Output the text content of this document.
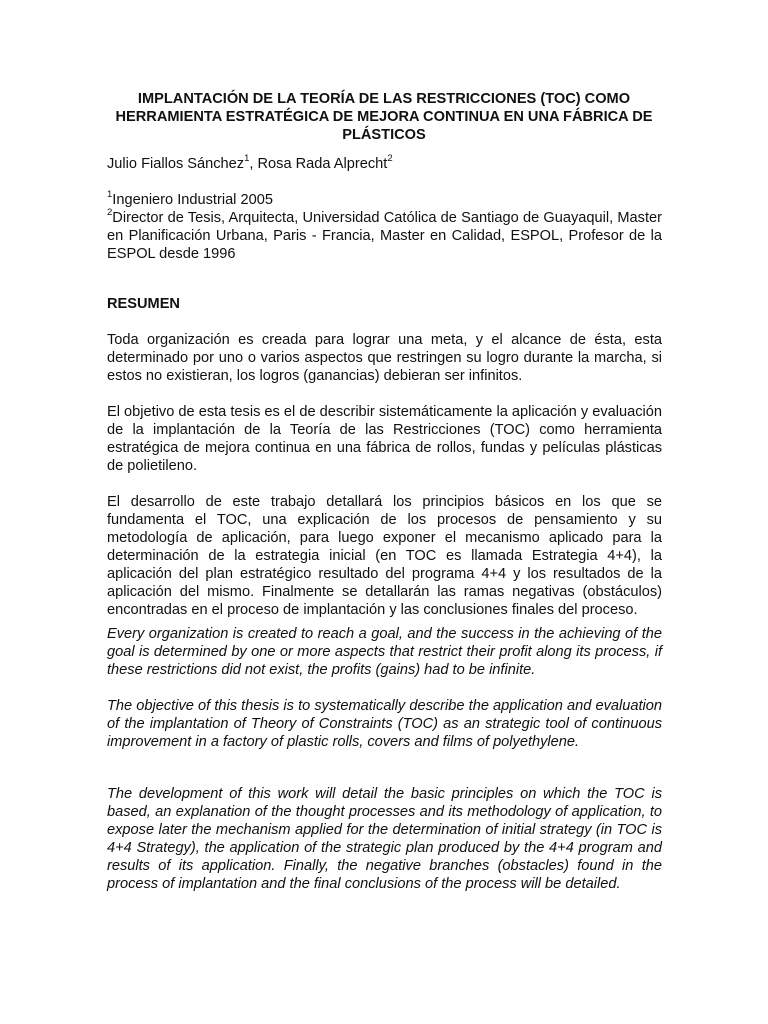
IMPLANTACIÓN DE LA TEORÍA DE LAS RESTRICCIONES (TOC) COMO HERRAMIENTA ESTRATÉGICA DE MEJORA CONTINUA EN UNA FÁBRICA DE PLÁSTICOS

Julio Fiallos Sánchez$^1$, Rosa Rada Alprecht$^2$

$^1$Ingeniero Industrial 2005

$^2$Director de Tesis, Arquitecta, Universidad Católica de Santiago de Guayaquil, Master en Planificación Urbana, Paris - Francia, Master en Calidad, ESPOL, Profesor de la ESPOL desde 1996

RESUMEN

Toda organización es creada para lograr una meta, y el alcance de ésta, esta determinado por uno o varios aspectos que restringen su logro durante la marcha, si estos no existieran, los logros (ganancias) debieran ser infinitos.

El objetivo de esta tesis es el de describir sistemáticamente la aplicación y evaluación de la implantación de la Teoría de las Restricciones (TOC) como herramienta estratégica de mejora continua en una fábrica de rollos, fundas y películas plásticas de polietileno.

El desarrollo de este trabajo detallará los principios básicos en los que se fundamenta el TOC, una explicación de los procesos de pensamiento y su metodología de aplicación, para luego exponer el mecanismo aplicado para la determinación de la estrategia inicial (en TOC es llamada Estrategia 4+4), la aplicación del plan estratégico resultado del programa 4+4 y los resultados de la aplicación del mismo. Finalmente se detallarán las ramas negativas (obstáculos) encontradas en el proceso de implantación y las conclusiones finales del proceso.

Every organization is created to reach a goal, and the success in the achieving of the goal is determined by one or more aspects that restrict their profit along its process, if these restrictions did not exist, the profits (gains) had to be infinite.

The objective of this thesis is to systematically describe the application and evaluation of the implantation of Theory of Constraints (TOC) as an strategic tool of continuous improvement in a factory of plastic rolls, covers and films of polyethylene.

The development of this work will detail the basic principles on which the TOC is based, an explanation of the thought processes and its methodology of application, to expose later the mechanism applied for the determination of initial strategy (in TOC is 4+4 Strategy), the application of the strategic plan produced by the 4+4 program and results of its application. Finally, the negative branches (obstacles) found in the process of implantation and the final conclusions of the process will be detailed.
